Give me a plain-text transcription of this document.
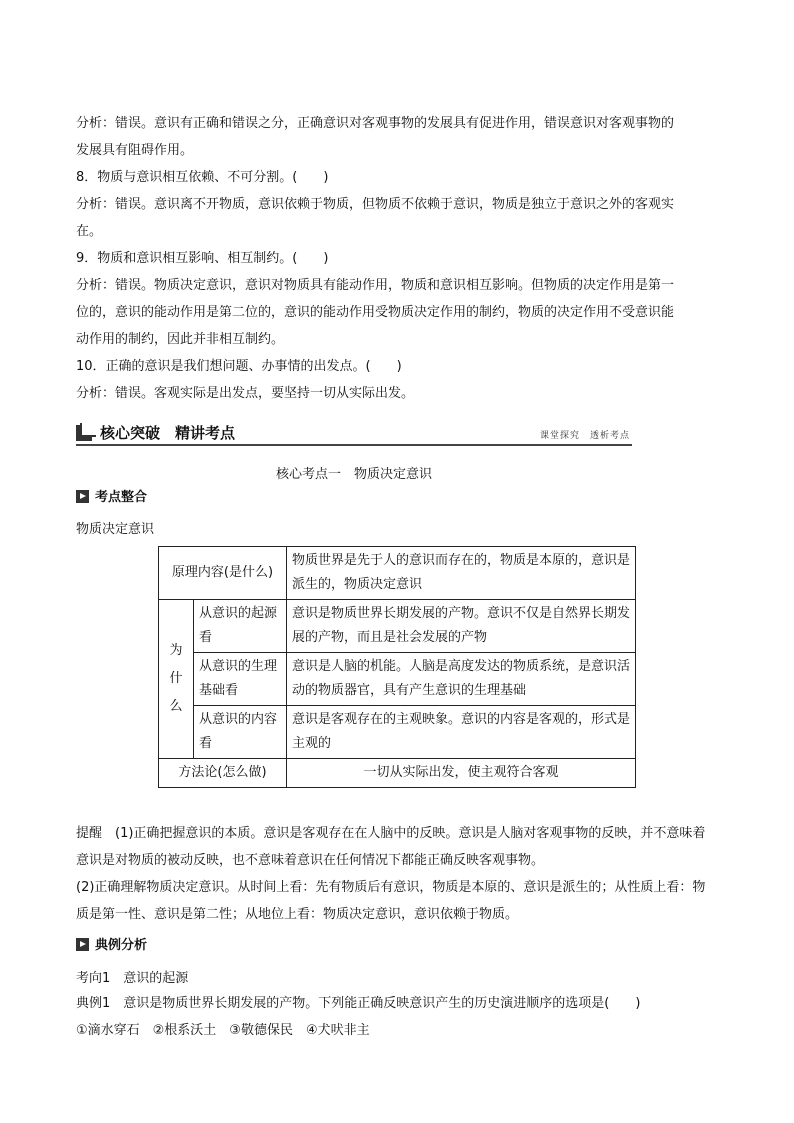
分析：错误。意识有正确和错误之分，正确意识对客观事物的发展具有促进作用，错误意识对客观事物的
发展具有阻碍作用。
8．物质与意识相互依赖、不可分割。(　　)
分析：错误。意识离不开物质，意识依赖于物质，但物质不依赖于意识，物质是独立于意识之外的客观实
在。
9．物质和意识相互影响、相互制约。(　　)
分析：错误。物质决定意识，意识对物质具有能动作用，物质和意识相互影响。但物质的决定作用是第一
位的，意识的能动作用是第二位的，意识的能动作用受物质决定作用的制约，物质的决定作用不受意识能
动作用的制约，因此并非相互制约。
10．正确的意识是我们想问题、办事情的出发点。(　　)
分析：错误。客观实际是出发点，要坚持一切从实际出发。
核心突破　精讲考点	课堂探究　透析考点
核心考点一　物质决定意识
考点整合
物质决定意识
原理内容(是什么)		物质世界是先于人的意识而存在的，物质是本原的，意识是派生的，物质决定意识
为什么	从意识的起源看	意识是物质世界长期发展的产物。意识不仅是自然界长期发展的产物，而且是社会发展的产物
	从意识的生理基础看	意识是人脑的机能。人脑是高度发达的物质系统，是意识活动的物质器官，具有产生意识的生理基础
	从意识的内容看	意识是客观存在的主观映象。意识的内容是客观的，形式是主观的
方法论(怎么做)		一切从实际出发，使主观符合客观
提醒　(1)正确把握意识的本质。意识是客观存在在人脑中的反映。意识是人脑对客观事物的反映，并不意味着意识是对物质的被动反映，也不意味着意识在任何情况下都能正确反映客观事物。
(2)正确理解物质决定意识。从时间上看：先有物质后有意识，物质是本原的、意识是派生的；从性质上看：物质是第一性、意识是第二性；从地位上看：物质决定意识，意识依赖于物质。
典例分析
考向1　意识的起源
典例1　意识是物质世界长期发展的产物。下列能正确反映意识产生的历史演进顺序的选项是(　　)
①滴水穿石　②根系沃土　③敬德保民　④犬吠非主
